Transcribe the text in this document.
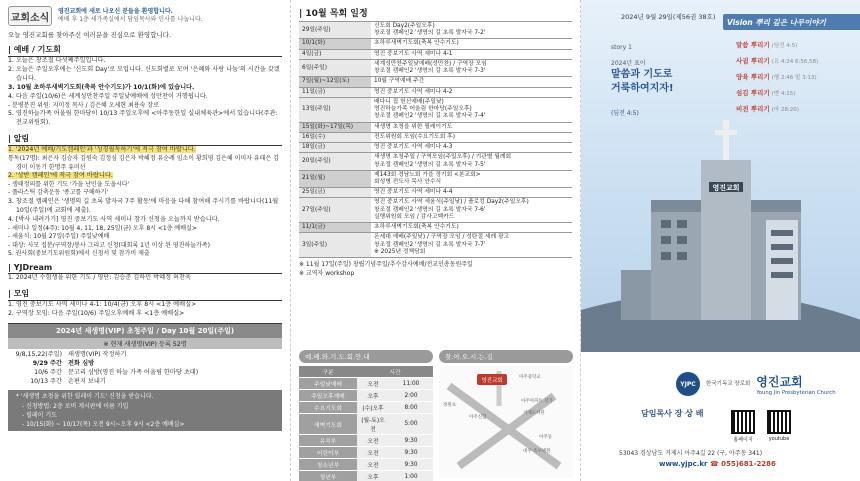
교회소식
영진교회에 새로 나오신 분들을 환영합니다.
예배 후 1층 새가족실에서 담임목사와 인사를 나눕니다.
오늘 영진교회를 찾아주신 여러분을 진심으로 환영합니다.
| 예배 / 기도회
1. 오늘은 창조절 다섯째주일입니다.
2. 오늘은 주일오후에는 '신도회 Day'로 모입니다. 신도회별로 모여 '은혜와 사랑 나눔'의 시간을 갖겠습니다.
3. 10월 초하루새벽기도회(축복 안수기도)가 10/1(화)에 있습니다.
4. 다음 주일(10/6)은 세계성만찬주일 주일낮예배에 성만찬이 거행됩니다.
- 분병분진 위원: 지미정 목사 / 김은혜 오세현 최용숙 장로
5. 영진하늘가족 어울림 한마당이 10/13 주일오후에 <아주동한일 실내체육관>에서 있습니다(주관: 전교위원회).
| 알림
1. '2024년 예배/기도캠페인'과 '성경필독하기'에 적극 참여 바랍니다.
통독(17명): 최은자 김승자 김원숙 김정심 김은자 박혜정 유순례 임소이 황희영 김은혜 이미자 유태은 김경미 이동기 한명주 유미선
2. '상반 캠페인'에 적극 참여 바랍니다.
- 생태정의를 위한 기도 '가을 난민을 도웁시다'
- 플라스틱 감축운동 '종고를 구해하기'
3. 창조절 캠페인은 '생명의 길 초록 발자국 7주 활동'에 마음을 다해 참여해 주시기를 바랍니다(11월 10일(주일)에 교회에 제출).
4. [박사 내려가기] 영진 중보기도 사역 세미나 참가 신청을 오늘까지 받습니다.
- 세미나 일정(4주): 10월 4, 11, 18, 25일(금) 오후 8시 <1층 예배실>
- 세움식: 10월 27일(주일) 주일낮예배
- 대상: 사모 집분/구역장/봉사 그리고 신청(대회록 1년 이상 된 영진하늘가족)
5. 권사회(중보기도위원회)에서 신청서 및 참가비 제출
| YJDream
1. 2024년 수험생을 위한 기도 / 영단: 김승준 김하민 박혜정 허찬욱
| 모임
1. 영진 중보기도 사역 세미나 4-1: 10/4(금) 오후 8시 <1층 예배실>
2. 구역장 모임: 다음 주일(10/6) 주일오후예배 후 <1층 예배실>
2024년 새생명(VIP) 초청주일 / Day 10월 20일(주일)
※ 현재 새생명(VIP) 등록 52명
9/8,15,22(주일) 새생명(VIP) 작정하기
9/29 주간 전화 심방
10/6 주간 문고리 심방(영진 하늘 가족 어울림 한마당 초대)
10/13 주간 손편지 보내기
* '새생명 초청을 위한 릴레이 기도' 신청을 받습니다.
- 신청방법: 2층 로비 게시판에 이름 기입
- 릴레이 기도
- 10/15(화) ~ 10/17(목) 오전 9시~오후 9시 <2층 예배실>
| 10월 목회 일정
29일(주일)	신도회 Day2(주일오후)
창조절 캠페인2 '생명의 길 초록 발자국 7-2'
10/1(화)	초하루새벽기도회(축복 안수기도)
4일(금)	영진 중보기도 사역 세미나 4-1
6일(주일)	세계성만찬주일낮예배(성만찬) / 구역장 모임
창조절 캠페인2 '생명의 길 초록 발자국 7-3'
7일(월)~12일(토)	10월 구역예배 주간
11일(금)	영진 중보기도 사역 세미나 4-2
13일(주일)	배다니 집 헌신예배(주일낮)
영진하늘가족 어울림 한마당(주일오후)
창조절 캠페인2 '생명의 길 초록 발자국 7-4'
15일(화)~17일(목)	새생명 초청을 위한 릴레이기도
16일(수)	전도위원회 모임(수요기도회 후)
18일(금)	영진 중보기도 사역 세미나 4-3
20일(주일)	새생명 초청주일 / 구역모임(주일오후) / 기관별 월례회
창조절 캠페인2 '생명의 길 초록 발자국 7-5'
21일(월)	제143회 경남노회 가을 정기회 <본교회>
회성병 전도사 목사 안수식
25일(금)	영진 중보기도 사역 세미나 4-4
27일(주일)	영진 중보기도 사역 세움식(주일낮) / 플로킹 Day2(주일오후)
창조절 캠페인2 '생명의 길 초록 발자국 7-6'
실행위원회 모임 / 감사고백카드
11/1(금)	초하루새벽기도회(축복 안수기도)
3일(주일)	온세대 예배(주일낮) / 구역장 모임 / 성탄절 세례 광고
창조절 캠페인2 '생명의 길 초록 발자국 7-7'
※ 2025년 정책담회
※ 11월 17일(주일) 창립기념주일/추수감사예배/전교인총동원주일
※ 교역자 workshop
예.배.와.기.도.회.안.내
구분	시간	
주일낮예배	오전	11:00
주일오후예배	오후	2:00
수요기도회	(수)오후	8:00
새벽기도회	(월-토)오전	5:00
유치부	오전	9:30
어린이부	오전	9:30
청소년부	오전	9:30
청년부	오후	1:00
찾.아.오.시.는.길
영진교회
아주중학교
정원초
아주신협
아주아파트 상가
거제도서관
아주동
대우 옥포병원
2024년 9월 29일(제56권 38호)
Vision 뿌리 깊은 나무이야기
story 1
2024년 표어
말씀과 기도로
거룩하여지자!
(딤전 4:5)
말씀 뿌리기 (딤전 4:5)
사귐 뿌리기 (요 4:24 6:56,58)
양육 뿌리기 (행 2:46 빌 3:13)
섬김 뿌리기 (벧 4:15)
비전 뿌리기 (마 28:20)
영진교회
YJPC	한국기독교 장로회 영진교회
Young Jin Presbyterian Church
담임목사 장 상 배
홈페이지	youtube
53043 경상남도 거제시 아주4길 22 (구, 아주동 341)
www.yjpc.kr ☎ 055)681-2286
